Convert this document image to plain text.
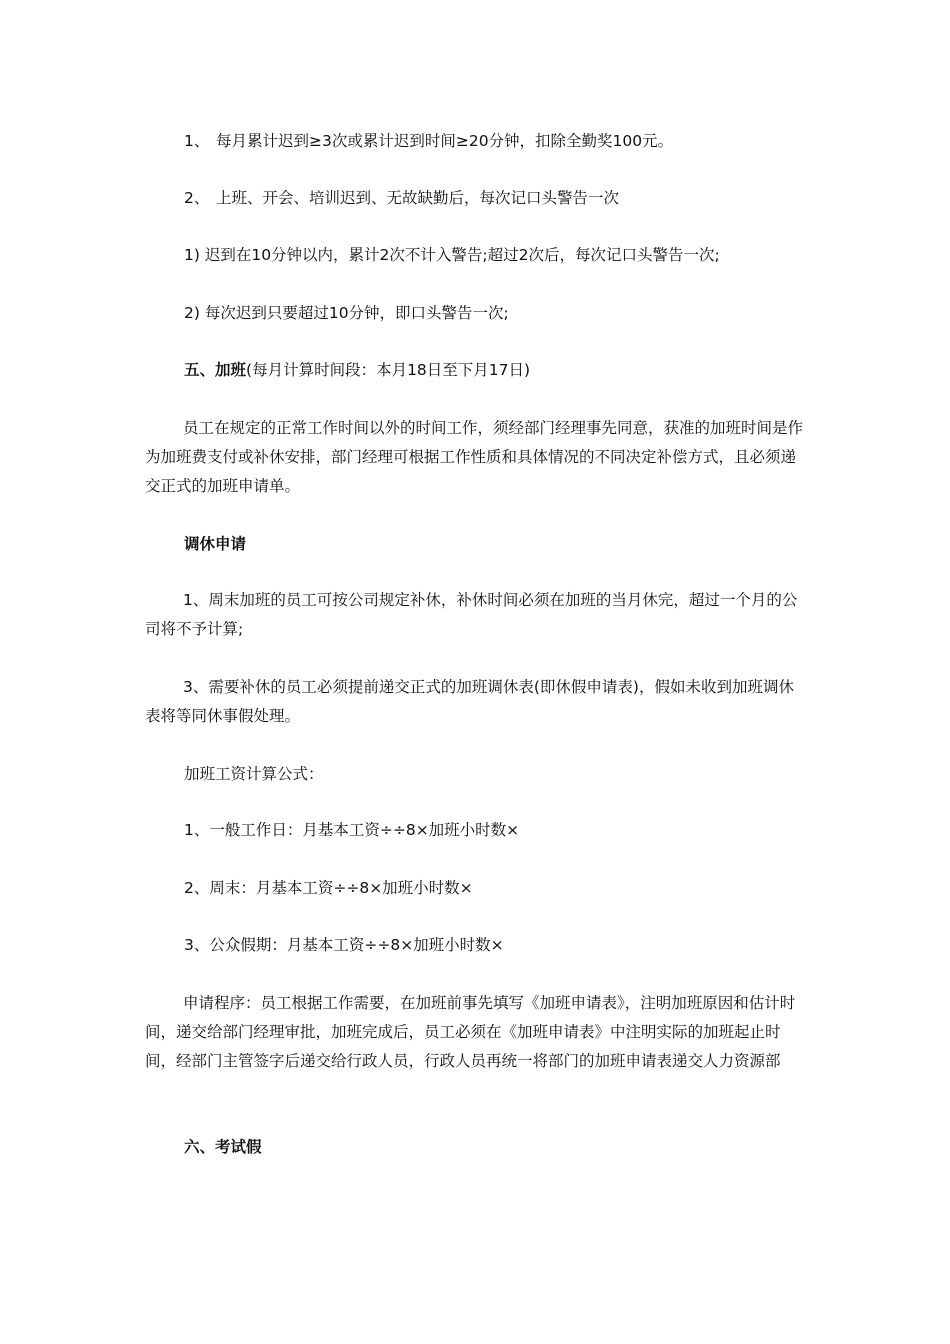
1、 每月累计迟到≥3次或累计迟到时间≥20分钟，扣除全勤奖100元。
2、 上班、开会、培训迟到、无故缺勤后，每次记口头警告一次
1) 迟到在10分钟以内，累计2次不计入警告;超过2次后，每次记口头警告一次;
2) 每次迟到只要超过10分钟，即口头警告一次;
五、加班(每月计算时间段：本月18日至下月17日)
员工在规定的正常工作时间以外的时间工作，须经部门经理事先同意，获准的加班时间是作为加班费支付或补休安排，部门经理可根据工作性质和具体情况的不同决定补偿方式，且必须递交正式的加班申请单。
调休申请
1、周末加班的员工可按公司规定补休，补休时间必须在加班的当月休完，超过一个月的公司将不予计算;
3、需要补休的员工必须提前递交正式的加班调休表(即休假申请表)，假如未收到加班调休表将等同休事假处理。
加班工资计算公式：
1、一般工作日：月基本工资÷÷8×加班小时数×
2、周末：月基本工资÷÷8×加班小时数×
3、公众假期：月基本工资÷÷8×加班小时数×
申请程序：员工根据工作需要，在加班前事先填写《加班申请表》，注明加班原因和估计时间，递交给部门经理审批，加班完成后，员工必须在《加班申请表》中注明实际的加班起止时间，经部门主管签字后递交给行政人员，行政人员再统一将部门的加班申请表递交人力资源部
六、考试假
